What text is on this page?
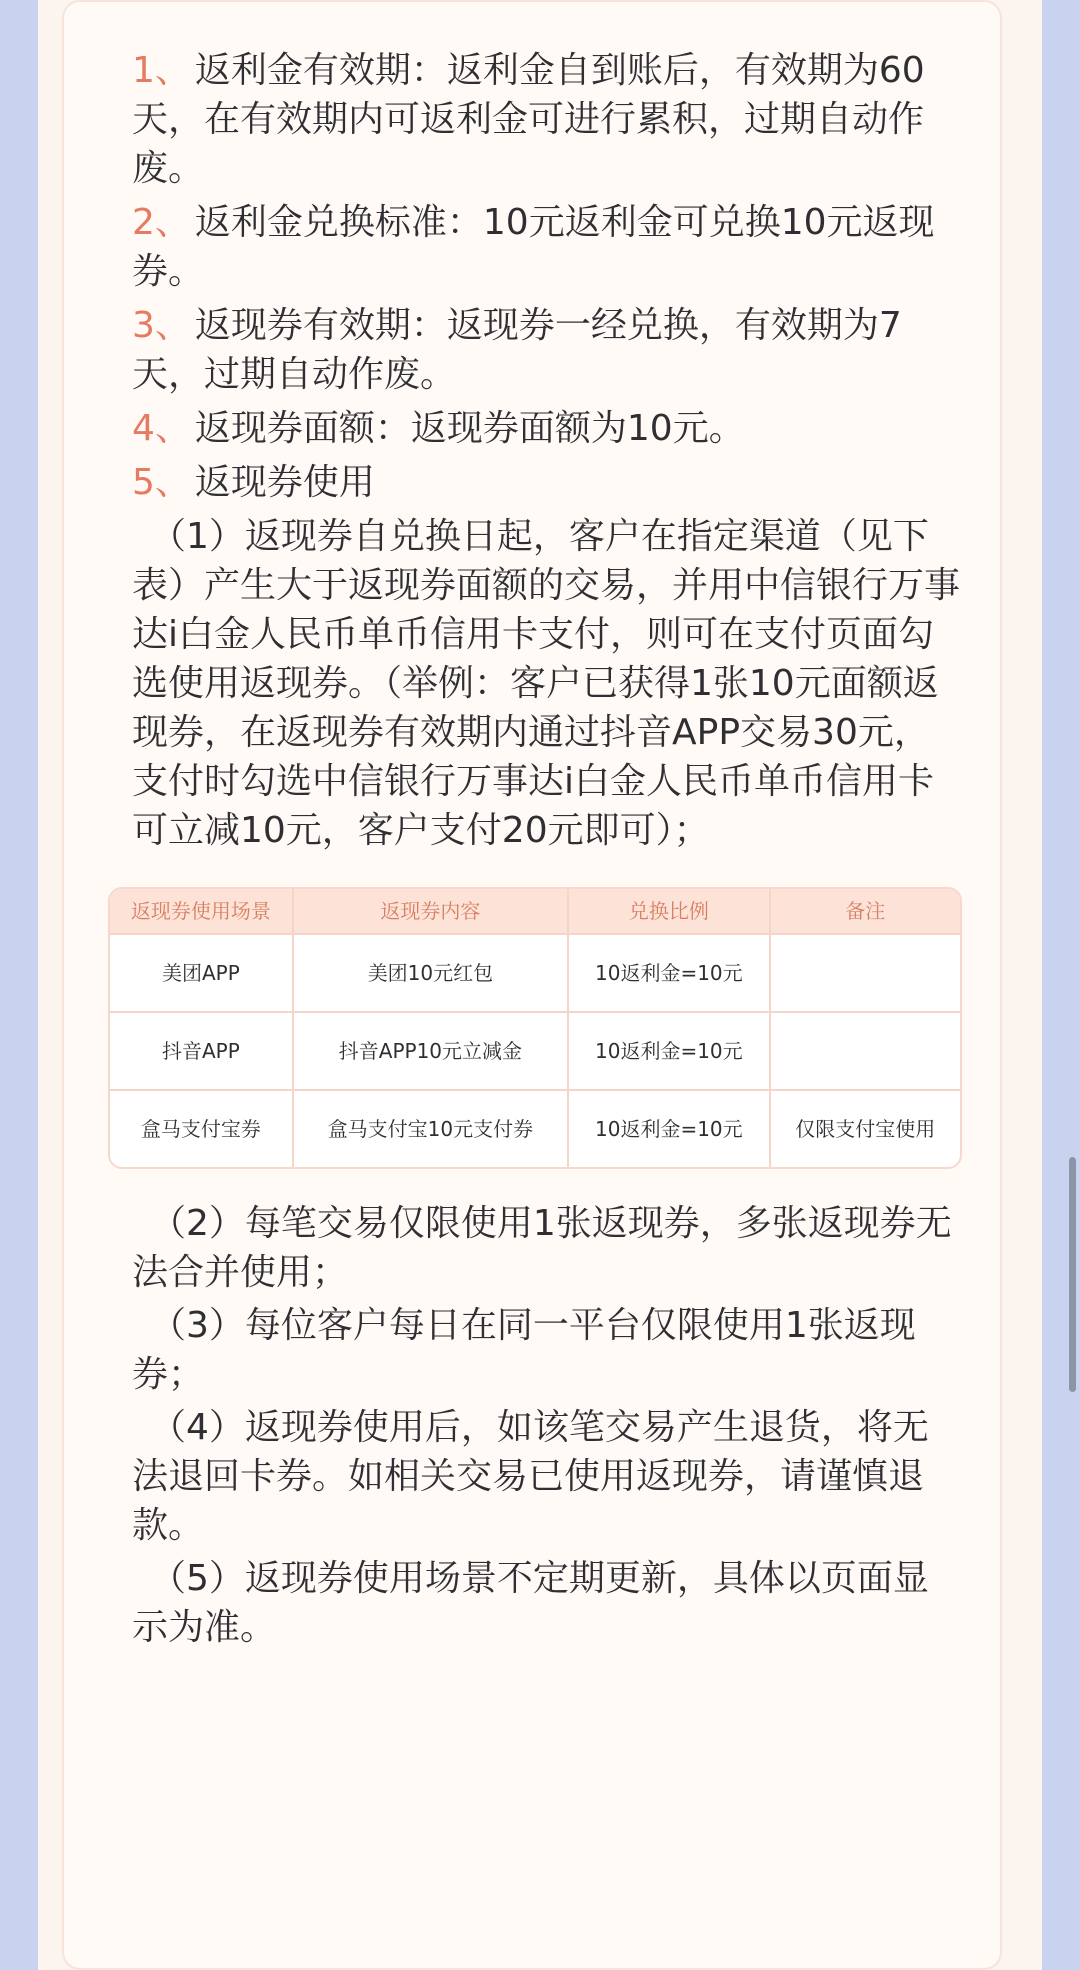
1、 返利金有效期：返利金自到账后，有效期为60天，在有效期内可返利金可进行累积，过期自动作废。
2、 返利金兑换标准：10元返利金可兑换10元返现券。
3、 返现券有效期：返现券一经兑换，有效期为7天，过期自动作废。
4、 返现券面额：返现券面额为10元。
5、 返现券使用
（1）返现券自兑换日起，客户在指定渠道（见下表）产生大于返现券面额的交易，并用中信银行万事达i白金人民币单币信用卡支付，则可在支付页面勾选使用返现券。（举例：客户已获得1张10元面额返现券，在返现券有效期内通过抖音APP交易30元，支付时勾选中信银行万事达i白金人民币单币信用卡可立减10元，客户支付20元即可）；
返现券使用场景	返现券内容	兑换比例	备注
美团APP	美团10元红包	10返利金=10元	
抖音APP	抖音APP10元立减金	10返利金=10元	
盒马支付宝券	盒马支付宝10元支付券	10返利金=10元	仅限支付宝使用
（2）每笔交易仅限使用1张返现券，多张返现券无法合并使用；
（3）每位客户每日在同一平台仅限使用1张返现券；
（4）返现券使用后，如该笔交易产生退货，将无法退回卡券。如相关交易已使用返现券，请谨慎退款。
（5）返现券使用场景不定期更新，具体以页面显示为准。
